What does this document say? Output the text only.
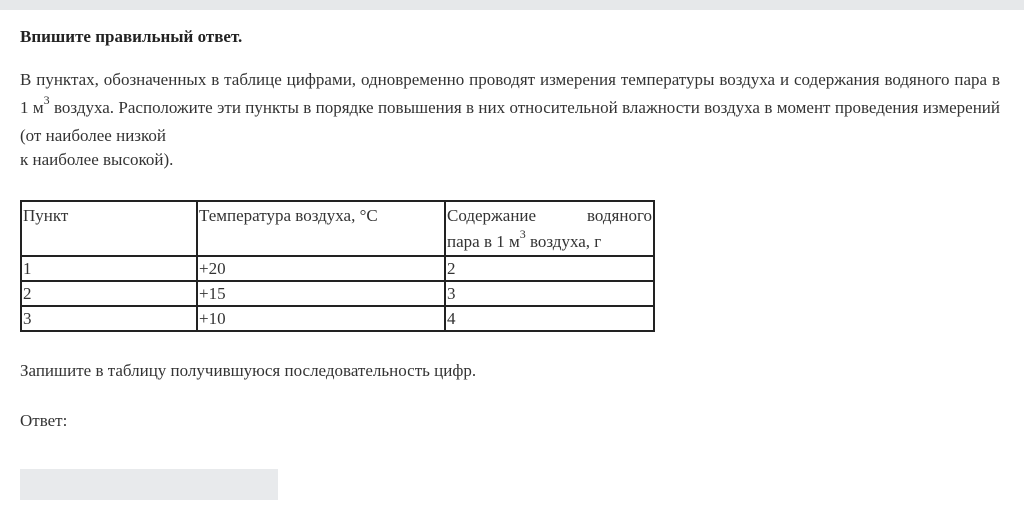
Впишите правильный ответ.

В пунктах, обозначенных в таблице цифрами, одновременно проводят измерения температуры воздуха и содержания водяного пара в 1 $м^3$ воздуха. Расположите эти пункты в порядке повышения в них относительной влажности воздуха в момент проведения измерений (от наиболее низкой
к наиболее высокой).

Пункт	Температура воздуха, °С	Содержание водяного
пара в 1 $м^3$ воздуха, г

1	+20	2
2	+15	3
3	+10	4

Запишите в таблицу получившуюся последовательность цифр.

Ответ:
